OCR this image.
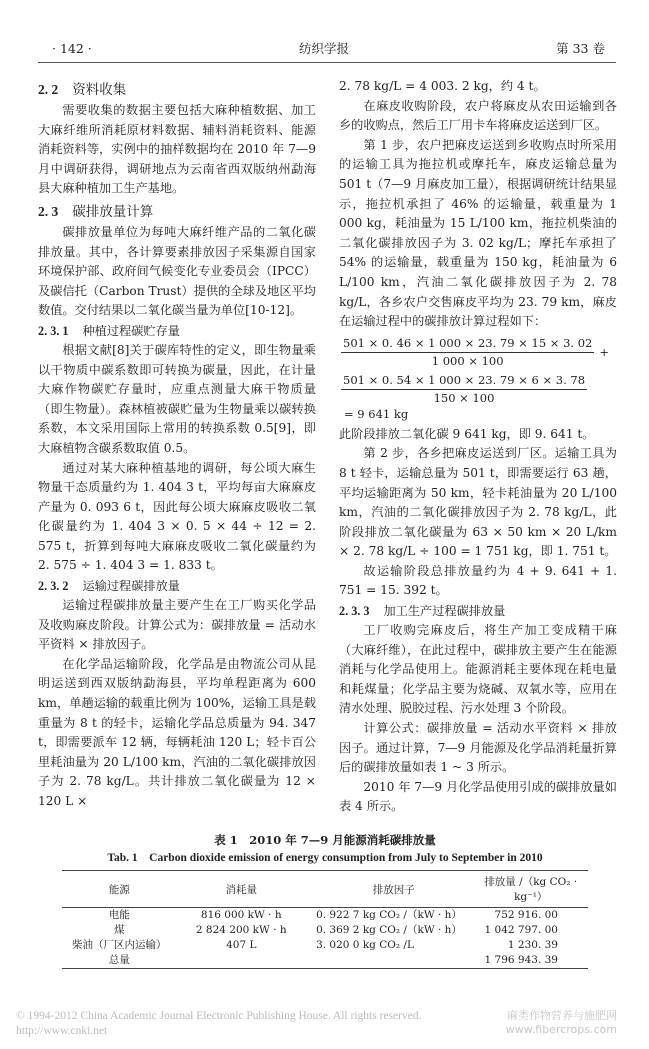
· 142 ·	纺织学报	第 33 卷
2. 2 资料收集

需要收集的数据主要包括大麻种植数据、加工大麻纤维所消耗原材料数据、辅料消耗资料、能源消耗资料等，实例中的抽样数据均在 2010 年 7—9 月中调研获得，调研地点为云南省西双版纳州勐海县大麻种植加工生产基地。

2. 3 碳排放量计算

碳排放量单位为每吨大麻纤维产品的二氧化碳排放量。其中，各计算要素排放因子采集源自国家环境保护部、政府间气候变化专业委员会（IPCC）及碳信托（Carbon Trust）提供的全球及地区平均数值。交付结果以二氧化碳当量为单位[10-12]。

2. 3. 1 种植过程碳贮存量

根据文献[8]关于碳库特性的定义，即生物量乘以干物质中碳系数即可转换为碳量，因此，在计量大麻作物碳贮存量时，应重点测量大麻干物质量（即生物量）。森林植被碳贮量为生物量乘以碳转换系数，本文采用国际上常用的转换系数 0.5[9]，即大麻植物含碳系数取值 0.5。

通过对某大麻种植基地的调研，每公顷大麻生物量干态质量约为 1. 404 3 t，平均每亩大麻麻皮产量为 0. 093 6 t，因此每公顷大麻麻皮吸收二氧化碳量约为 1. 404 3 × 0. 5 × 44 ÷ 12 = 2. 575 t，折算到每吨大麻麻皮吸收二氧化碳量约为 2. 575 ÷ 1. 404 3 = 1. 833 t。

2. 3. 2 运输过程碳排放量

运输过程碳排放量主要产生在工厂购买化学品及收购麻皮阶段。计算公式为：碳排放量 = 活动水平资料 × 排放因子。

在化学品运输阶段，化学品是由物流公司从昆明运送到西双版纳勐海县，平均单程距离为 600 km，单趟运输的载重比例为 100%，运输工具是载重量为 8 t 的轻卡，运输化学品总质量为 94. 347 t，即需要派车 12 辆，每辆耗油 120 L；轻卡百公里耗油量为 20 L/100 km，汽油的二氧化碳排放因子为 2. 78 kg/L。共计排放二氧化碳量为 12 × 120 L ×

2. 78 kg/L = 4 003. 2 kg，约 4 t。

在麻皮收购阶段，农户将麻皮从农田运输到各乡的收购点，然后工厂用卡车将麻皮运送到厂区。

第 1 步，农户把麻皮运送到乡收购点时所采用的运输工具为拖拉机或摩托车，麻皮运输总量为 501 t（7—9 月麻皮加工量），根据调研统计结果显示，拖拉机承担了 46% 的运输量，载重量为 1 000 kg，耗油量为 15 L/100 km，拖拉机柴油的二氧化碳排放因子为 3. 02 kg/L；摩托车承担了 54% 的运输量，载重量为 150 kg，耗油量为 6 L/100 km，汽油二氧化碳排放因子为 2. 78 kg/L，各乡农户交售麻皮平均为 23. 79 km，麻皮在运输过程中的碳排放计算过程如下：

$\frac{501 \times 0. 46 \times 1 000 \times 23. 79 \times 15 \times 3. 02}{1 000 \times 100}$ +
$\frac{501 \times 0. 54 \times 1 000 \times 23. 79 \times 6 \times 3. 78}{150 \times 100}$
= 9 641 kg

此阶段排放二氧化碳 9 641 kg，即 9. 641 t。

第 2 步，各乡把麻皮运送到厂区。运输工具为 8 t 轻卡，运输总量为 501 t，即需要运行 63 趟，平均运输距离为 50 km，轻卡耗油量为 20 L/100 km，汽油的二氧化碳排放因子为 2. 78 kg/L，此阶段排放二氧化碳量为 63 × 50 km × 20 L/km × 2. 78 kg/L ÷ 100 = 1 751 kg，即 1. 751 t。

故运输阶段总排放量约为 4 + 9. 641 + 1. 751 = 15. 392 t。

2. 3. 3 加工生产过程碳排放量

工厂收购完麻皮后，将生产加工变成精干麻（大麻纤维），在此过程中，碳排放主要产生在能源消耗与化学品使用上。能源消耗主要体现在耗电量和耗煤量；化学品主要为烧碱、双氧水等，应用在清水处理、脱胶过程、污水处理 3 个阶段。

计算公式：碳排放量 = 活动水平资料 × 排放因子。通过计算，7—9 月能源及化学品消耗量折算后的碳排放量如表 1 ~ 3 所示。

2010 年 7—9 月化学品使用引成的碳排放量如表 4 所示。

表 1　2010 年 7—9 月能源消耗碳排放量
Tab. 1　Carbon dioxide emission of energy consumption from July to September in 2010
能源	消耗量	排放因子	排放量 /（kg CO₂ · kg⁻¹）
电能	816 000 kW · h	0. 922 7 kg CO₂ /（kW · h）	752 916. 00
煤	2 824 200 kW · h	0. 369 2 kg CO₂ /（kW · h）	1 042 797. 00
柴油（厂区内运输）	407 L	3. 020 0 kg CO₂ /L	1 230. 39
总量			1 796 943. 39
© 1994-2012 China Academic Journal Electronic Publishing House. All rights reserved.　 http://www.cnki.net
麻类作物营养与施肥网
www.fibercrops.com
